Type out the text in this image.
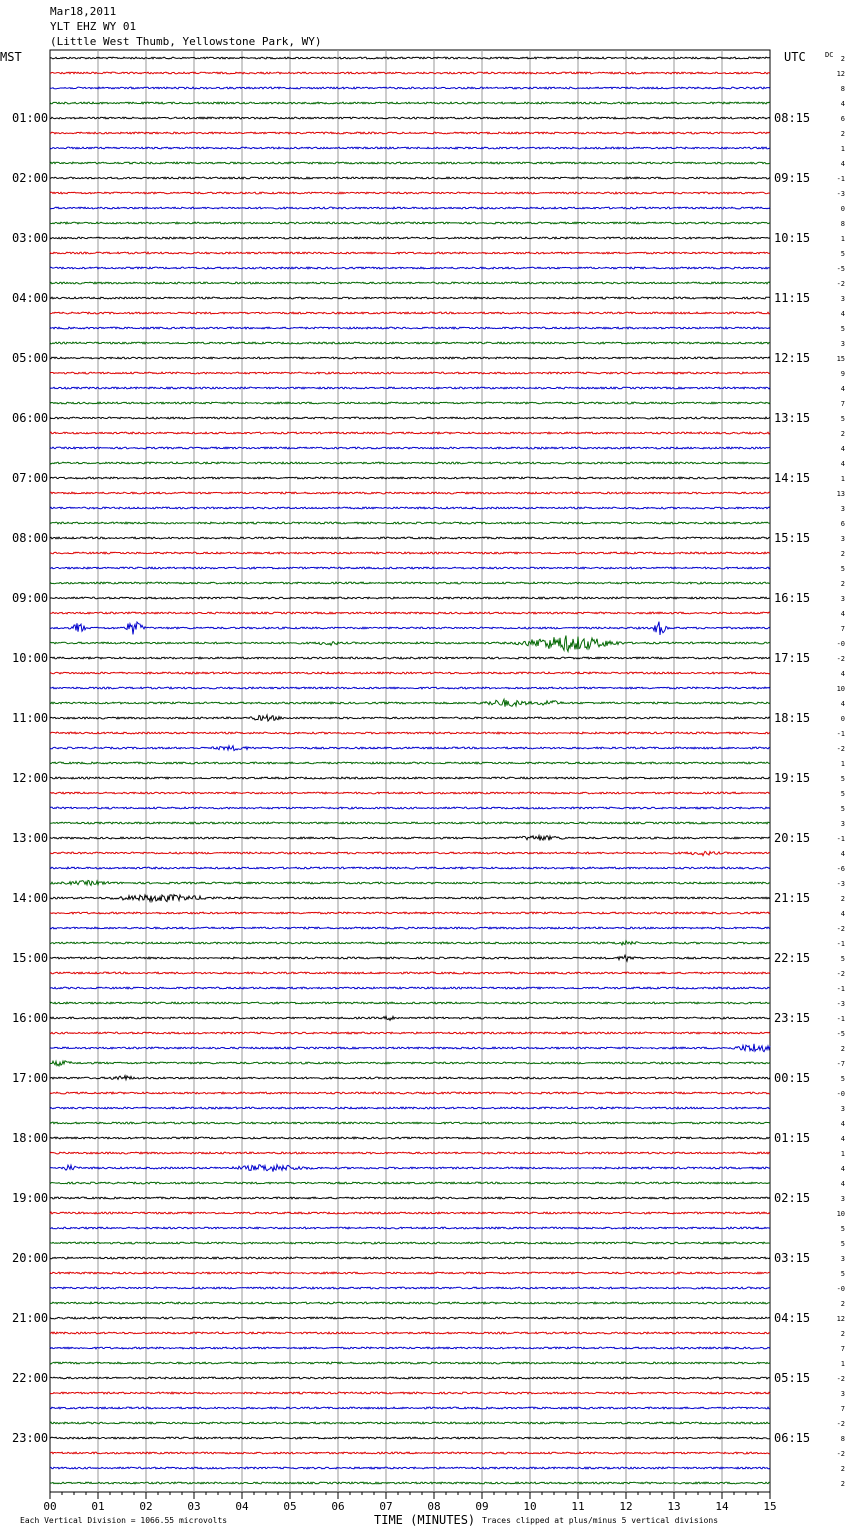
Mar18,2011
YLT EHZ WY 01
(Little West Thumb, Yellowstone Park, WY)
01:00
02:00
03:00
04:00
05:00
06:00
07:00
08:00
09:00
10:00
11:00
12:00
13:00
14:00
15:00
16:00
17:00
18:00
19:00
20:00
21:00
22:00
23:00
08:15
09:15
10:15
11:15
12:15
13:15
14:15
15:15
16:15
17:15
18:15
19:15
20:15
21:15
22:15
23:15
00:15
01:15
02:15
03:15
04:15
05:15
06:15
2
12
8
4
6
2
1
4
-1
-3
0
8
1
5
-5
-2
3
4
5
3
15
9
4
7
5
2
4
4
1
13
3
6
3
2
5
2
3
4
7
-0
-2
4
10
4
0
-1
-2
1
5
5
5
3
-1
4
-6
-3
2
4
-2
-1
5
-2
-1
-3
-1
-5
2
-7
5
-0
3
4
4
1
4
4
3
10
5
5
3
5
-0
2
12
2
7
1
-2
3
7
-2
8
-2
2
2
00	01	02	03	04	05	06	07	08	09	10	11	12	13	14	15
MST	UTC	DC
TIME (MINUTES)
Each Vertical Division = 1066.55 microvolts	Traces clipped at plus/minus 5 vertical divisions
